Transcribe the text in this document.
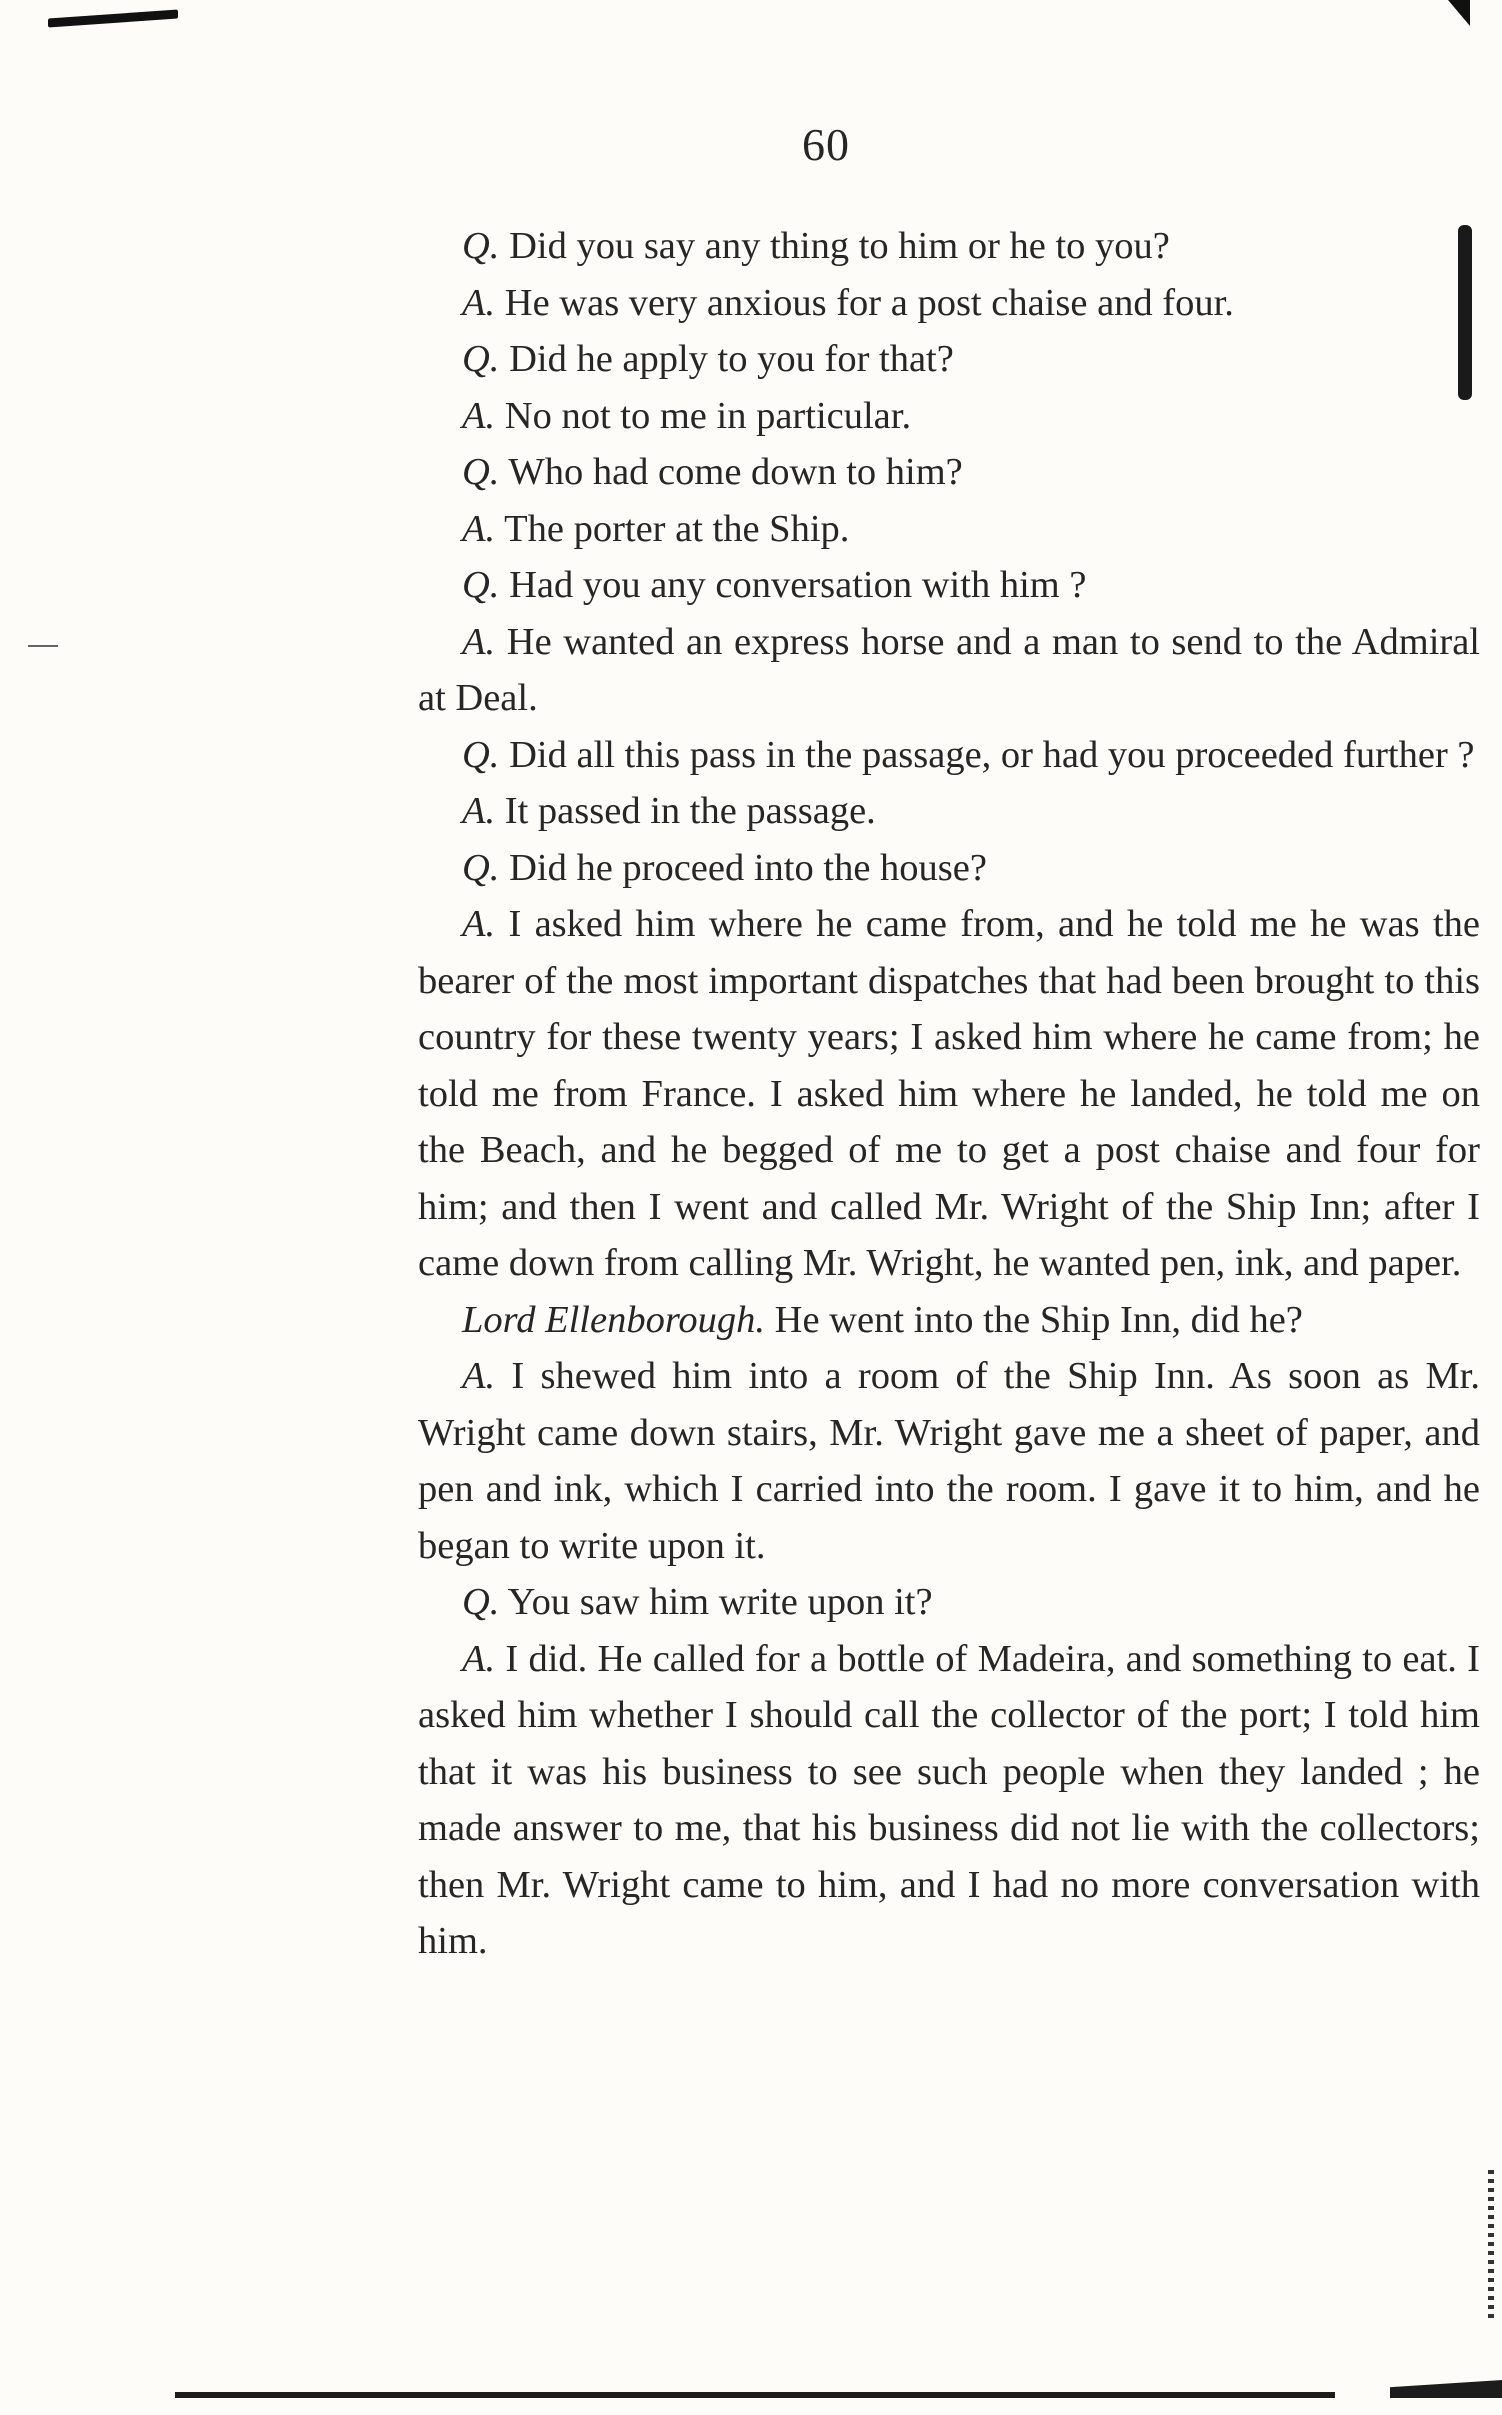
60

Q. Did you say any thing to him or he to you?

A. He was very anxious for a post chaise and four.

Q. Did he apply to you for that?

A. No not to me in particular.

Q. Who had come down to him?

A. The porter at the Ship.

Q. Had you any conversation with him ?

A. He wanted an express horse and a man to send to the Admiral at Deal.

Q. Did all this pass in the passage, or had you proceeded further ?

A. It passed in the passage.

Q. Did he proceed into the house?

A. I asked him where he came from, and he told me he was the bearer of the most important dispatches that had been brought to this country for these twenty years; I asked him where he came from; he told me from France. I asked him where he landed, he told me on the Beach, and he begged of me to get a post chaise and four for him; and then I went and called Mr. Wright of the Ship Inn; after I came down from calling Mr. Wright, he wanted pen, ink, and paper.

Lord Ellenborough. He went into the Ship Inn, did he?

A. I shewed him into a room of the Ship Inn. As soon as Mr. Wright came down stairs, Mr. Wright gave me a sheet of paper, and pen and ink, which I carried into the room. I gave it to him, and he began to write upon it.

Q. You saw him write upon it?

A. I did. He called for a bottle of Madeira, and something to eat. I asked him whether I should call the collector of the port; I told him that it was his business to see such people when they landed ; he made answer to me, that his business did not lie with the collectors; then Mr. Wright came to him, and I had no more conversation with him.
